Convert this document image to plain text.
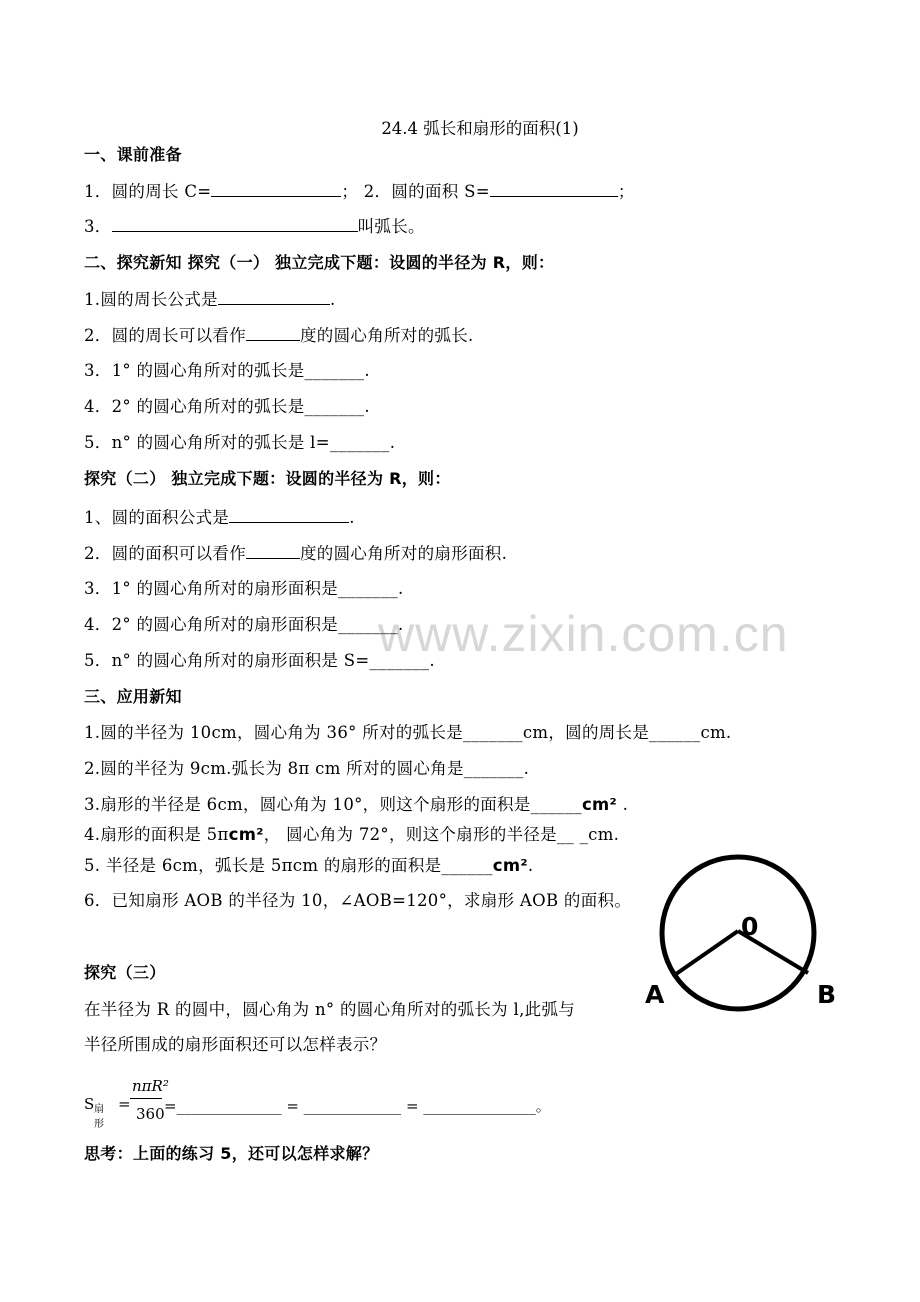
www.zixin.com.cn
24.4 弧长和扇形的面积(1)
一、课前准备
1．圆的周长 C=	； 2．圆的面积 S=	；
3．	叫弧长。
二、探究新知 探究（一） 独立完成下题：设圆的半径为 R，则：
1.圆的周长公式是	.
2．圆的周长可以看作	度的圆心角所对的弧长.
3．1° 的圆心角所对的弧长是_______.
4．2° 的圆心角所对的弧长是_______.
5．n° 的圆心角所对的弧长是 l=_______.
探究（二） 独立完成下题：设圆的半径为 R，则：
1、圆的面积公式是	.
2．圆的面积可以看作	度的圆心角所对的扇形面积.
3．1° 的圆心角所对的扇形面积是_______.
4．2° 的圆心角所对的扇形面积是_______.
5．n° 的圆心角所对的扇形面积是 S=_______.
三、应用新知
1.圆的半径为 10cm，圆心角为 36° 所对的弧长是_______cm，圆的周长是______cm.
2.圆的半径为 9cm.弧长为 8π cm 所对的圆心角是_______.
3.扇形的半径是 6cm，圆心角为 10°，则这个扇形的面积是______cm² .
4.扇形的面积是 5πcm²， 圆心角为 72°，则这个扇形的半径是__ _cm.
5. 半径是 6cm，弧长是 5πcm 的扇形的面积是______cm².
6．已知扇形 AOB 的半径为 10，∠AOB=120°，求扇形 AOB 的面积。
0
A	B
探究（三）
在半径为 R 的圆中，圆心角为 n° 的圆心角所对的弧长为 l,此弧与
半径所围成的扇形面积还可以怎样表示？
S 扇形
=
nπR²
360 =______________ = _____________ = _______________。
思考：上面的练习 5，还可以怎样求解？
